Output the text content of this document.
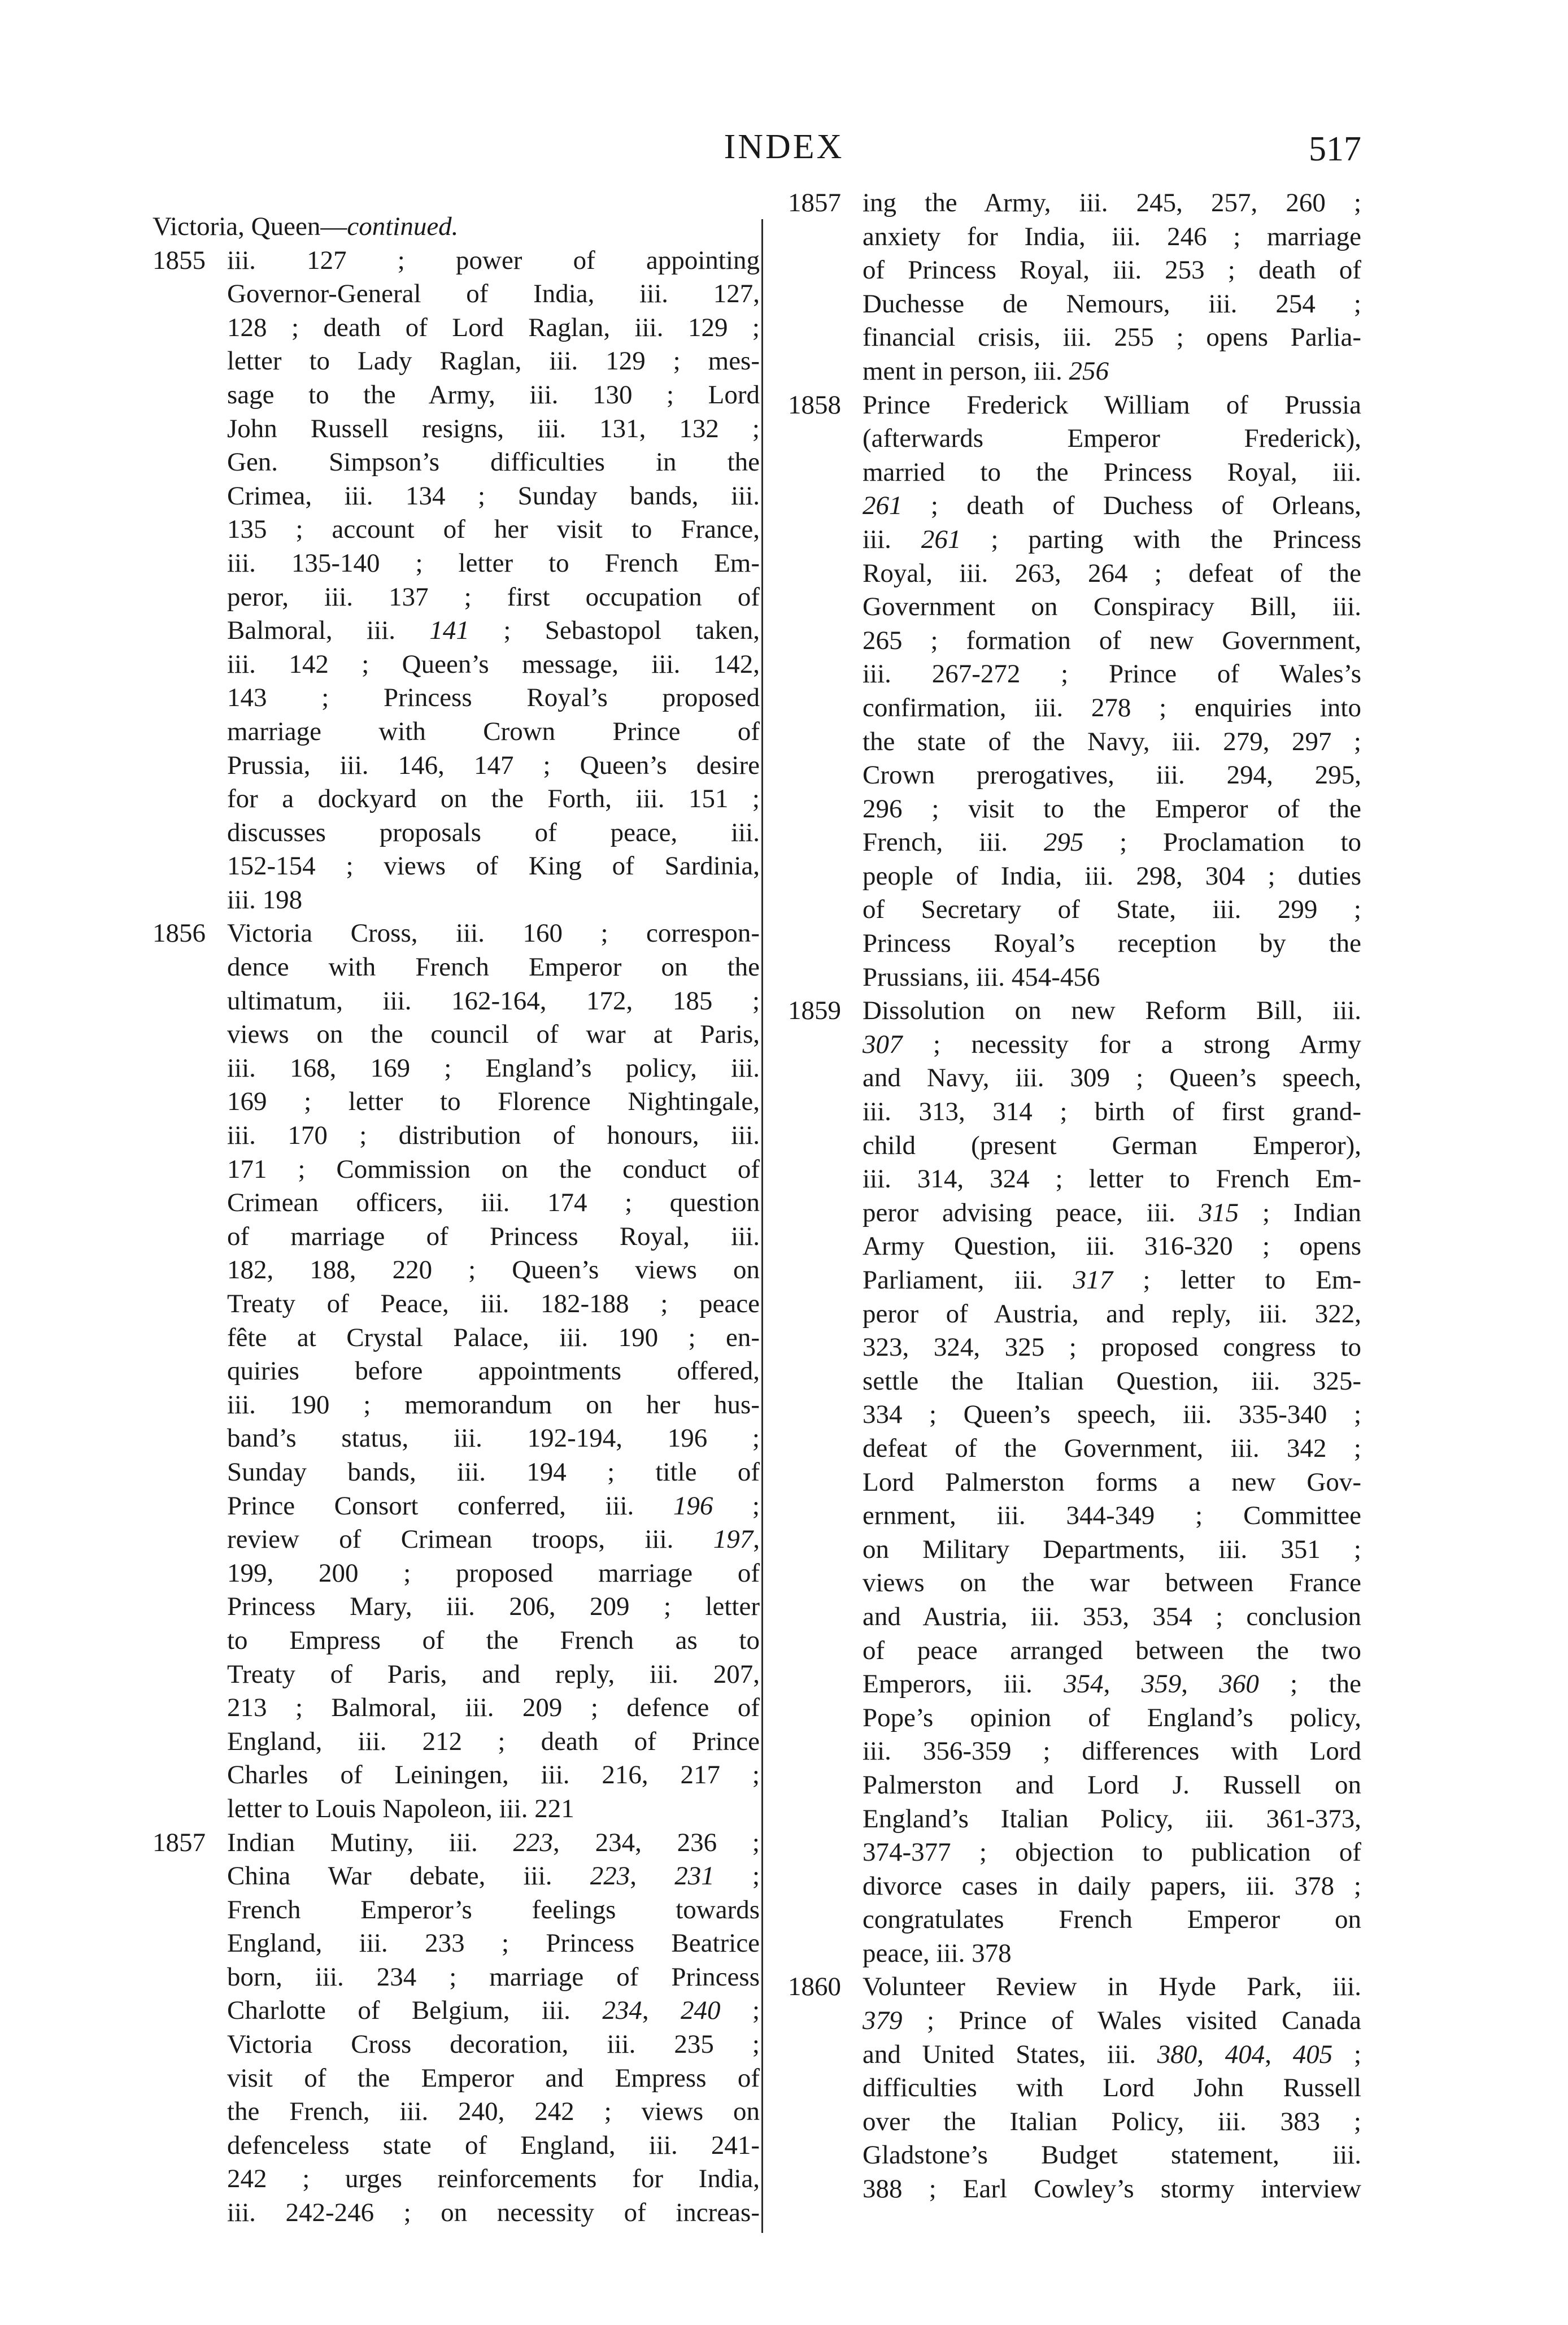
INDEX	517
Victoria, Queen—continued.
1855 iii. 127 ; power of appointing
Governor-General of India, iii. 127,
128 ; death of Lord Raglan, iii. 129 ;
letter to Lady Raglan, iii. 129 ; mes-
sage to the Army, iii. 130 ; Lord
John Russell resigns, iii. 131, 132 ;
Gen. Simpson’s difficulties in the
Crimea, iii. 134 ; Sunday bands, iii.
135 ; account of her visit to France,
iii. 135-140 ; letter to French Em-
peror, iii. 137 ; first occupation of
Balmoral, iii. 141 ; Sebastopol taken,
iii. 142 ; Queen’s message, iii. 142,
143 ; Princess Royal’s proposed
marriage with Crown Prince of
Prussia, iii. 146, 147 ; Queen’s desire
for a dockyard on the Forth, iii. 151 ;
discusses proposals of peace, iii.
152-154 ; views of King of Sardinia,
iii. 198
1856 Victoria Cross, iii. 160 ; correspon-
dence with French Emperor on the
ultimatum, iii. 162-164, 172, 185 ;
views on the council of war at Paris,
iii. 168, 169 ; England’s policy, iii.
169 ; letter to Florence Nightingale,
iii. 170 ; distribution of honours, iii.
171 ; Commission on the conduct of
Crimean officers, iii. 174 ; question
of marriage of Princess Royal, iii.
182, 188, 220 ; Queen’s views on
Treaty of Peace, iii. 182-188 ; peace
fête at Crystal Palace, iii. 190 ; en-
quiries before appointments offered,
iii. 190 ; memorandum on her hus-
band’s status, iii. 192-194, 196 ;
Sunday bands, iii. 194 ; title of
Prince Consort conferred, iii. 196 ;
review of Crimean troops, iii. 197,
199, 200 ; proposed marriage of
Princess Mary, iii. 206, 209 ; letter
to Empress of the French as to
Treaty of Paris, and reply, iii. 207,
213 ; Balmoral, iii. 209 ; defence of
England, iii. 212 ; death of Prince
Charles of Leiningen, iii. 216, 217 ;
letter to Louis Napoleon, iii. 221
1857 Indian Mutiny, iii. 223, 234, 236 ;
China War debate, iii. 223, 231 ;
French Emperor’s feelings towards
England, iii. 233 ; Princess Beatrice
born, iii. 234 ; marriage of Princess
Charlotte of Belgium, iii. 234, 240 ;
Victoria Cross decoration, iii. 235 ;
visit of the Emperor and Empress of
the French, iii. 240, 242 ; views on
defenceless state of England, iii. 241-
242 ; urges reinforcements for India,
iii. 242-246 ; on necessity of increas-
1857 ing the Army, iii. 245, 257, 260 ;
anxiety for India, iii. 246 ; marriage
of Princess Royal, iii. 253 ; death of
Duchesse de Nemours, iii. 254 ;
financial crisis, iii. 255 ; opens Parlia-
ment in person, iii. 256
1858 Prince Frederick William of Prussia
(afterwards Emperor Frederick),
married to the Princess Royal, iii.
261 ; death of Duchess of Orleans,
iii. 261 ; parting with the Princess
Royal, iii. 263, 264 ; defeat of the
Government on Conspiracy Bill, iii.
265 ; formation of new Government,
iii. 267-272 ; Prince of Wales’s
confirmation, iii. 278 ; enquiries into
the state of the Navy, iii. 279, 297 ;
Crown prerogatives, iii. 294, 295,
296 ; visit to the Emperor of the
French, iii. 295 ; Proclamation to
people of India, iii. 298, 304 ; duties
of Secretary of State, iii. 299 ;
Princess Royal’s reception by the
Prussians, iii. 454-456
1859 Dissolution on new Reform Bill, iii.
307 ; necessity for a strong Army
and Navy, iii. 309 ; Queen’s speech,
iii. 313, 314 ; birth of first grand-
child (present German Emperor),
iii. 314, 324 ; letter to French Em-
peror advising peace, iii. 315 ; Indian
Army Question, iii. 316-320 ; opens
Parliament, iii. 317 ; letter to Em-
peror of Austria, and reply, iii. 322,
323, 324, 325 ; proposed congress to
settle the Italian Question, iii. 325-
334 ; Queen’s speech, iii. 335-340 ;
defeat of the Government, iii. 342 ;
Lord Palmerston forms a new Gov-
ernment, iii. 344-349 ; Committee
on Military Departments, iii. 351 ;
views on the war between France
and Austria, iii. 353, 354 ; conclusion
of peace arranged between the two
Emperors, iii. 354, 359, 360 ; the
Pope’s opinion of England’s policy,
iii. 356-359 ; differences with Lord
Palmerston and Lord J. Russell on
England’s Italian Policy, iii. 361-373,
374-377 ; objection to publication of
divorce cases in daily papers, iii. 378 ;
congratulates French Emperor on
peace, iii. 378
1860 Volunteer Review in Hyde Park, iii.
379 ; Prince of Wales visited Canada
and United States, iii. 380, 404, 405 ;
difficulties with Lord John Russell
over the Italian Policy, iii. 383 ;
Gladstone’s Budget statement, iii.
388 ; Earl Cowley’s stormy interview
